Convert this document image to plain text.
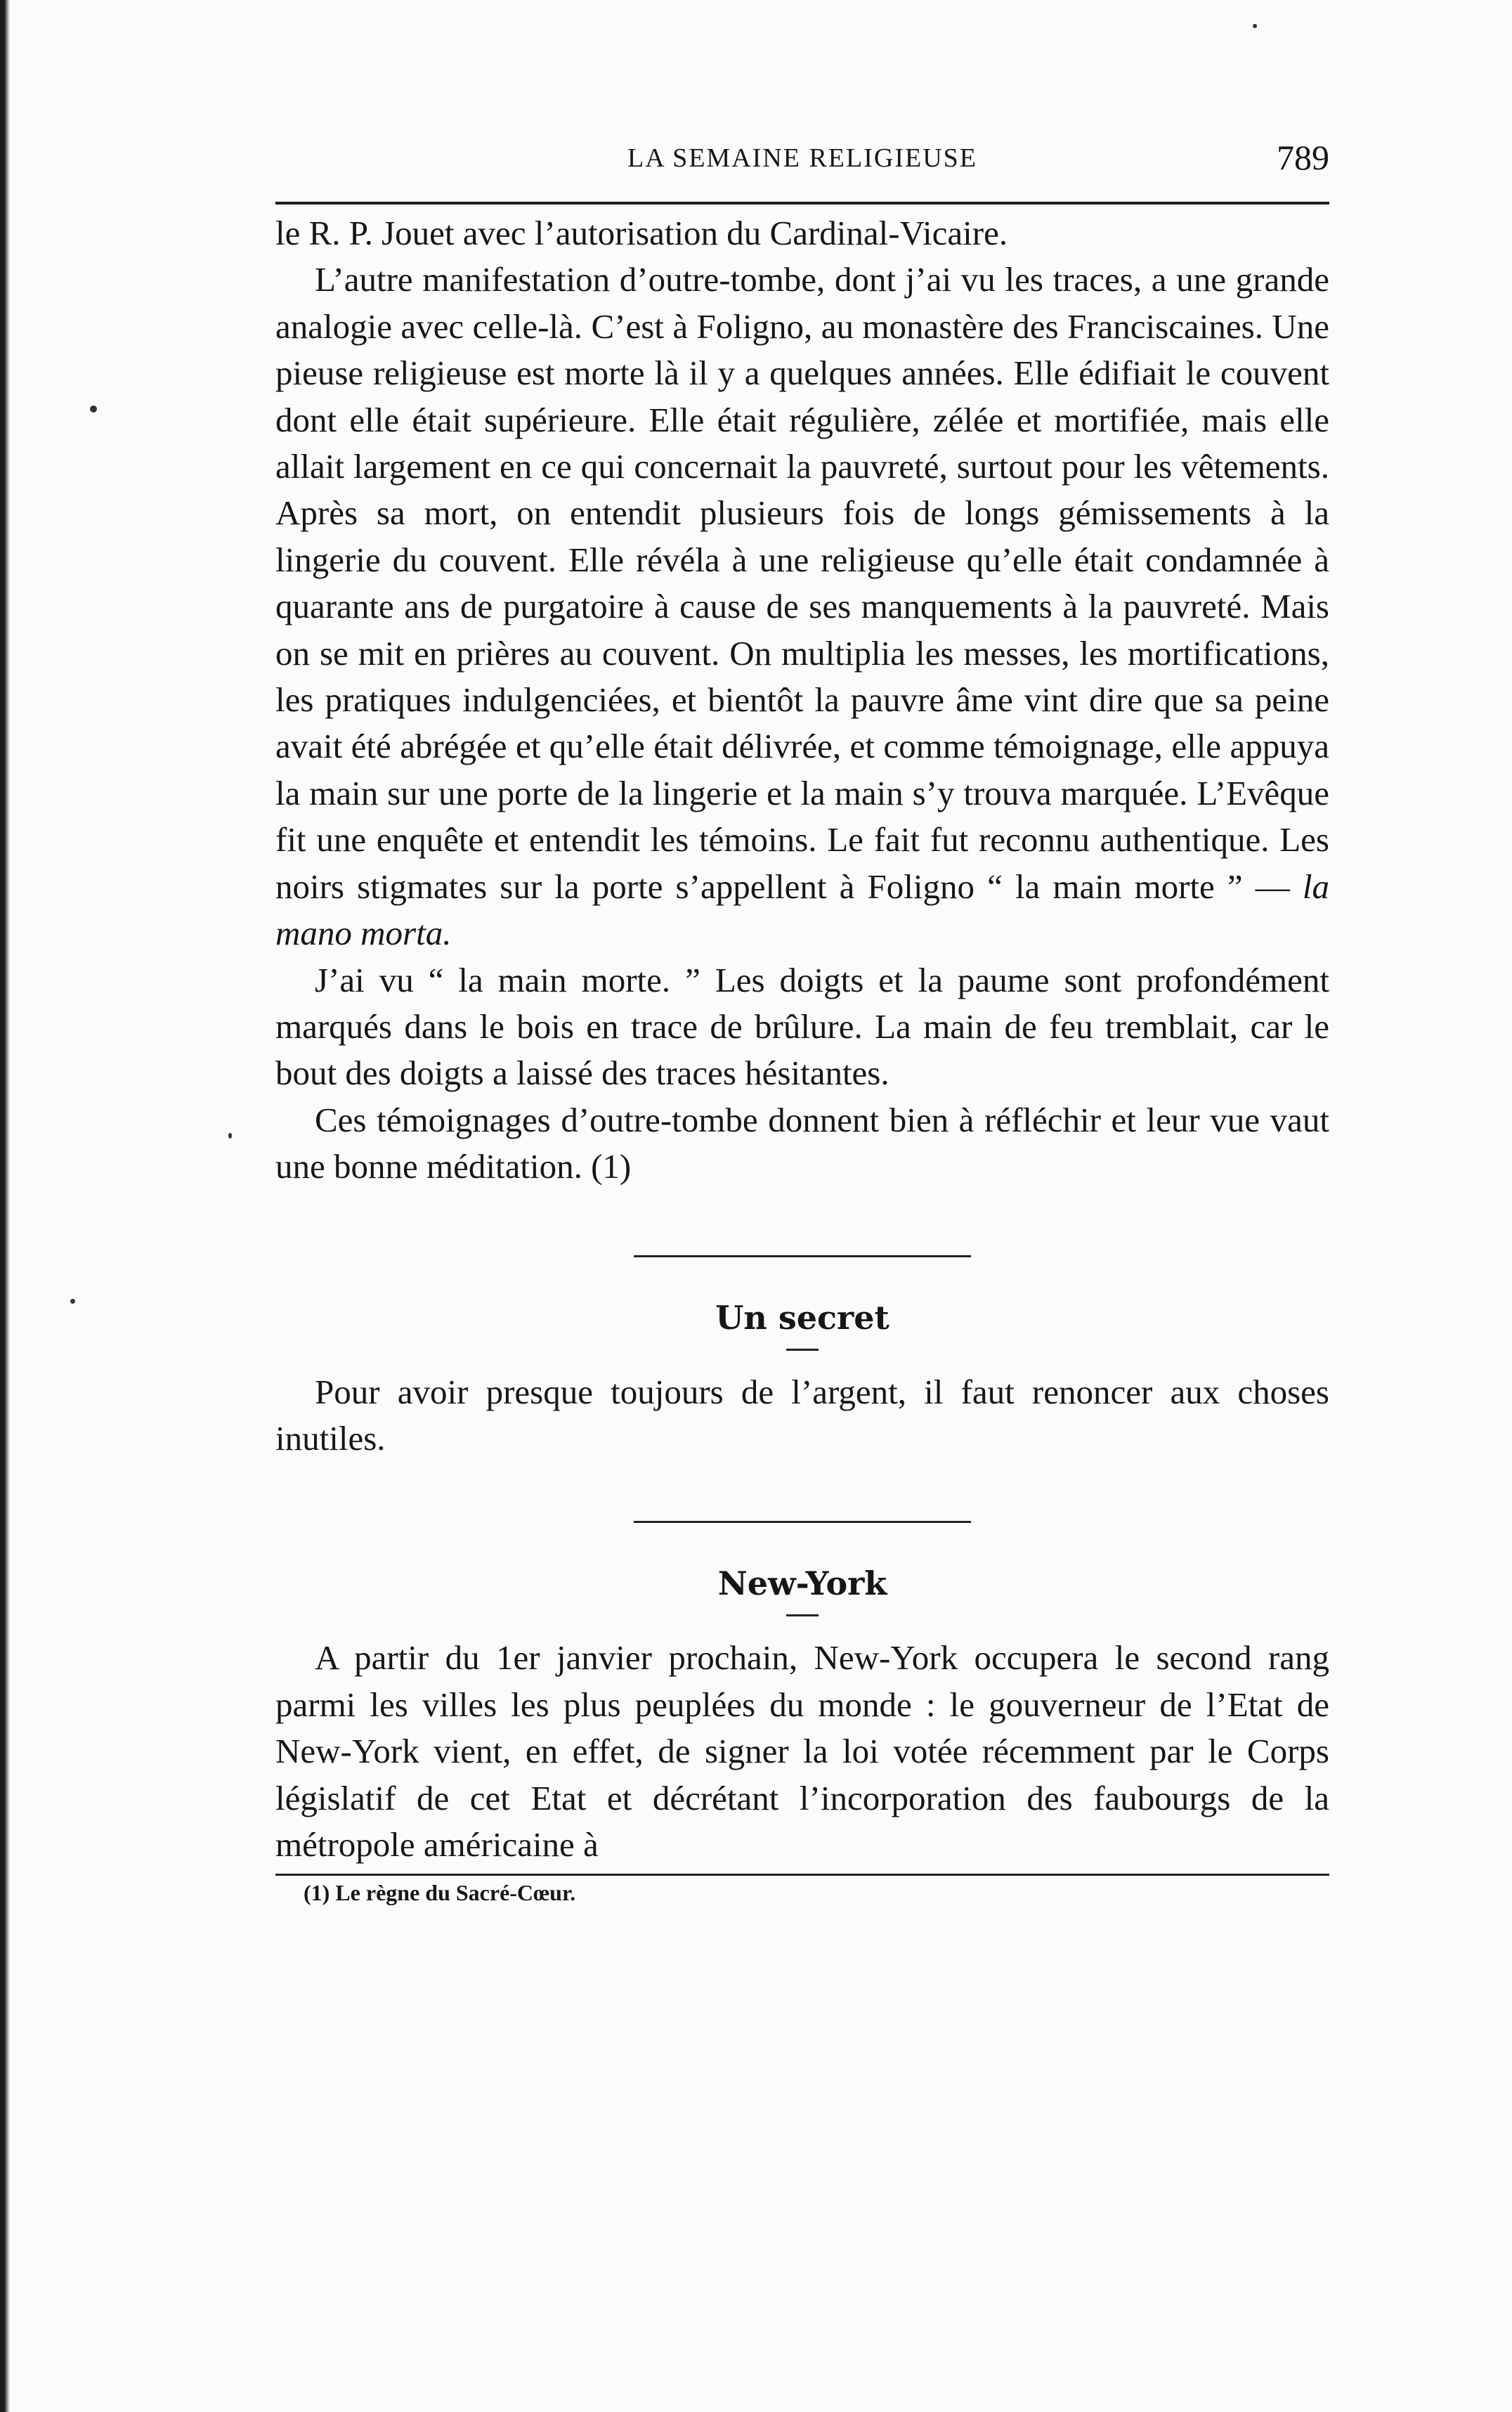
LA SEMAINE RELIGIEUSE	789

le R. P. Jouet avec l’autorisation du Cardinal-Vicaire.

L’autre manifestation d’outre-tombe, dont j’ai vu les traces, a une grande analogie avec celle-là. C’est à Foligno, au monastère des Franciscaines. Une pieuse religieuse est morte là il y a quelques années. Elle édifiait le couvent dont elle était supérieure. Elle était régulière, zélée et mortifiée, mais elle allait largement en ce qui concernait la pauvreté, surtout pour les vêtements. Après sa mort, on entendit plusieurs fois de longs gémissements à la lingerie du couvent. Elle révéla à une religieuse qu’elle était condamnée à quarante ans de purgatoire à cause de ses manquements à la pauvreté. Mais on se mit en prières au couvent. On multiplia les messes, les mortifications, les pratiques indulgenciées, et bientôt la pauvre âme vint dire que sa peine avait été abrégée et qu’elle était délivrée, et comme témoignage, elle appuya la main sur une porte de la lingerie et la main s’y trouva marquée. L’Evêque fit une enquête et entendit les témoins. Le fait fut reconnu authentique. Les noirs stigmates sur la porte s’appellent à Foligno “ la main morte ” — la mano morta.

J’ai vu “ la main morte. ” Les doigts et la paume sont profondément marqués dans le bois en trace de brûlure. La main de feu tremblait, car le bout des doigts a laissé des traces hésitantes.

Ces témoignages d’outre-tombe donnent bien à réfléchir et leur vue vaut une bonne méditation. (1)

Un secret

Pour avoir presque toujours de l’argent, il faut renoncer aux choses inutiles.

New-York

A partir du 1er janvier prochain, New-York occupera le second rang parmi les villes les plus peuplées du monde : le gouverneur de l’Etat de New-York vient, en effet, de signer la loi votée récemment par le Corps législatif de cet Etat et décrétant l’incorporation des faubourgs de la métropole américaine à

(1) Le règne du Sacré-Cœur.
